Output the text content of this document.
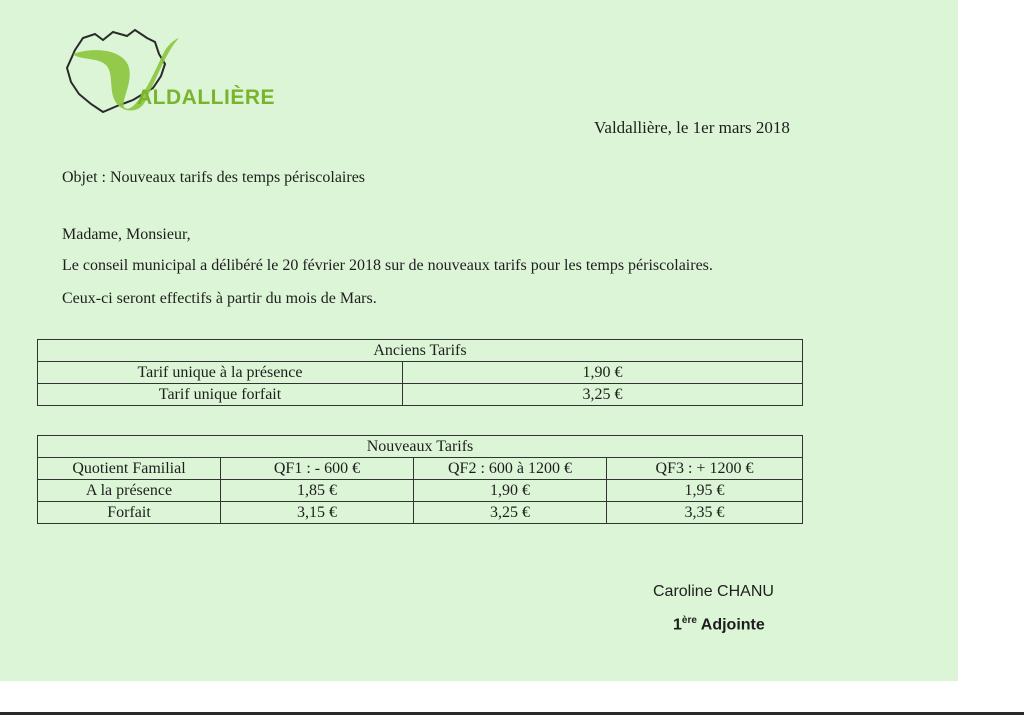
ALDALLIÈRE
Valdallière, le 1er mars 2018
Objet : Nouveaux tarifs des temps périscolaires
Madame, Monsieur,
Le conseil municipal a délibéré le 20 février 2018 sur de nouveaux tarifs pour les temps périscolaires.
Ceux-ci seront effectifs à partir du mois de Mars.
Anciens Tarifs	
Tarif unique à la présence	1,90 €
Tarif unique forfait	3,25 €
Nouveaux Tarifs			
Quotient Familial	QF1 : - 600 €	QF2 : 600 à 1200 €	QF3 : + 1200 €
A la présence	1,85 €	1,90 €	1,95 €
Forfait	3,15 €	3,25 €	3,35 €
Caroline CHANU
1ère Adjointe
